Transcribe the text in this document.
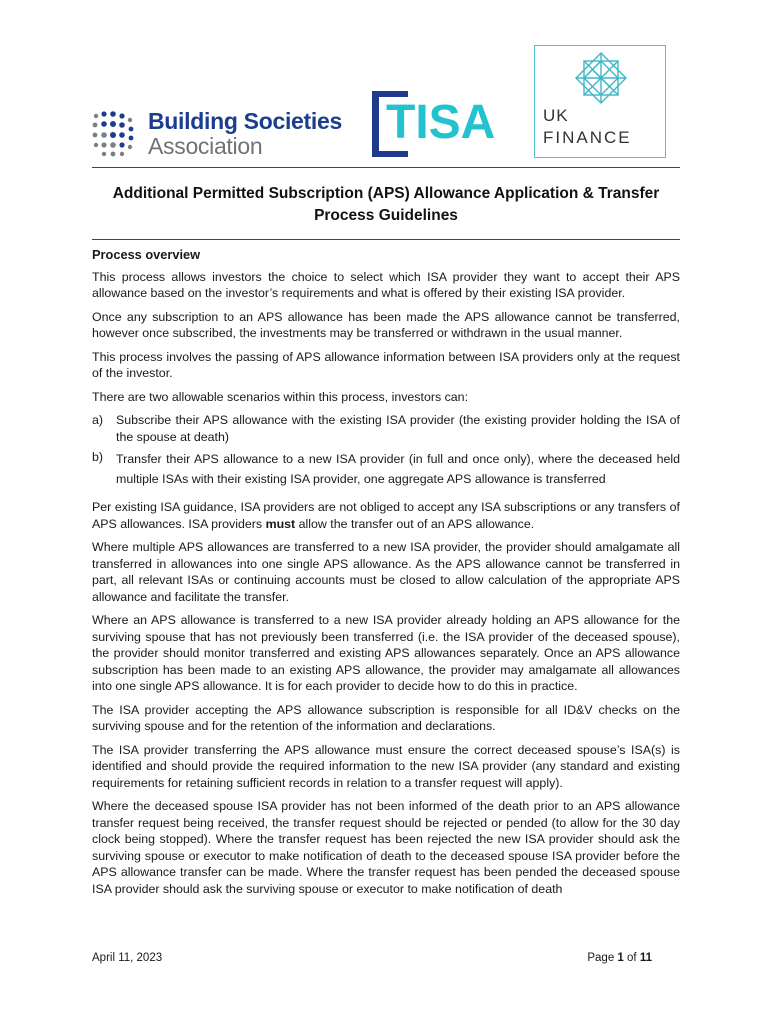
Building Societies
Association	TISA	UK
FINANCE
Additional Permitted Subscription (APS) Allowance Application & Transfer Process Guidelines
Process overview

This process allows investors the choice to select which ISA provider they want to accept their APS allowance based on the investor’s requirements and what is offered by their existing ISA provider.

Once any subscription to an APS allowance has been made the APS allowance cannot be transferred, however once subscribed, the investments may be transferred or withdrawn in the usual manner.

This process involves the passing of APS allowance information between ISA providers only at the request of the investor.

There are two allowable scenarios within this process, investors can:

a)	Subscribe their APS allowance with the existing ISA provider (the existing provider holding the ISA of the spouse at death)
b)	Transfer their APS allowance to a new ISA provider (in full and once only), where the deceased held multiple ISAs with their existing ISA provider, one aggregate APS allowance is transferred

Per existing ISA guidance, ISA providers are not obliged to accept any ISA subscriptions or any transfers of APS allowances. ISA providers must allow the transfer out of an APS allowance.

Where multiple APS allowances are transferred to a new ISA provider, the provider should amalgamate all transferred in allowances into one single APS allowance. As the APS allowance cannot be transferred in part, all relevant ISAs or continuing accounts must be closed to allow calculation of the appropriate APS allowance and facilitate the transfer.

Where an APS allowance is transferred to a new ISA provider already holding an APS allowance for the surviving spouse that has not previously been transferred (i.e. the ISA provider of the deceased spouse), the provider should monitor transferred and existing APS allowances separately. Once an APS allowance subscription has been made to an existing APS allowance, the provider may amalgamate all allowances into one single APS allowance. It is for each provider to decide how to do this in practice.

The ISA provider accepting the APS allowance subscription is responsible for all ID&V checks on the surviving spouse and for the retention of the information and declarations.

The ISA provider transferring the APS allowance must ensure the correct deceased spouse’s ISA(s) is identified and should provide the required information to the new ISA provider (any standard and existing requirements for retaining sufficient records in relation to a transfer request will apply).

Where the deceased spouse ISA provider has not been informed of the death prior to an APS allowance transfer request being received, the transfer request should be rejected or pended (to allow for the 30 day clock being stopped). Where the transfer request has been rejected the new ISA provider should ask the surviving spouse or executor to make notification of death to the deceased spouse ISA provider before the APS allowance transfer can be made. Where the transfer request has been pended the deceased spouse ISA provider should ask the surviving spouse or executor to make notification of death

April 11, 2023	Page 1 of 11
